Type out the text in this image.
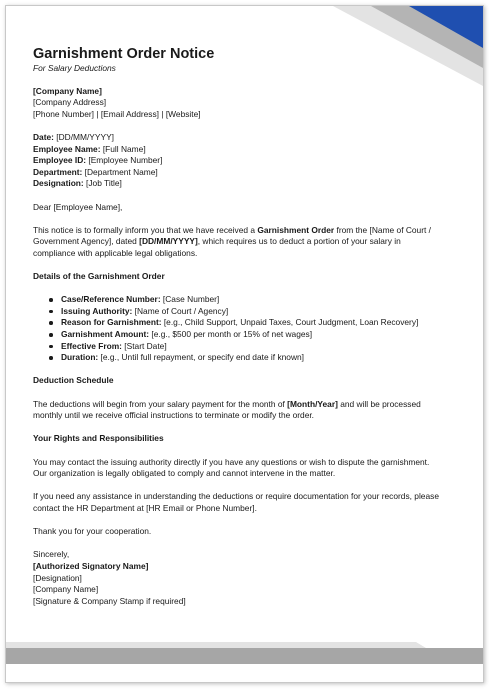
Garnishment Order Notice
For Salary Deductions
[Company Name]
[Company Address]
[Phone Number] | [Email Address] | [Website]
Date: [DD/MM/YYYY]
Employee Name: [Full Name]
Employee ID: [Employee Number]
Department: [Department Name]
Designation: [Job Title]

Dear [Employee Name],

This notice is to formally inform you that we have received a Garnishment Order from the [Name of Court /
Government Agency], dated [DD/MM/YYYY], which requires us to deduct a portion of your salary in
compliance with applicable legal obligations.

Details of the Garnishment Order

Case/Reference Number: [Case Number]
Issuing Authority: [Name of Court / Agency]
Reason for Garnishment: [e.g., Child Support, Unpaid Taxes, Court Judgment, Loan Recovery]
Garnishment Amount: [e.g., $500 per month or 15% of net wages]
Effective From: [Start Date]
Duration: [e.g., Until full repayment, or specify end date if known]

Deduction Schedule

The deductions will begin from your salary payment for the month of [Month/Year] and will be processed
monthly until we receive official instructions to terminate or modify the order.

Your Rights and Responsibilities

You may contact the issuing authority directly if you have any questions or wish to dispute the garnishment.
Our organization is legally obligated to comply and cannot intervene in the matter.
If you need any assistance in understanding the deductions or require documentation for your records, please
contact the HR Department at [HR Email or Phone Number].

Thank you for your cooperation.

Sincerely,
[Authorized Signatory Name]
[Designation]
[Company Name]
[Signature & Company Stamp if required]
